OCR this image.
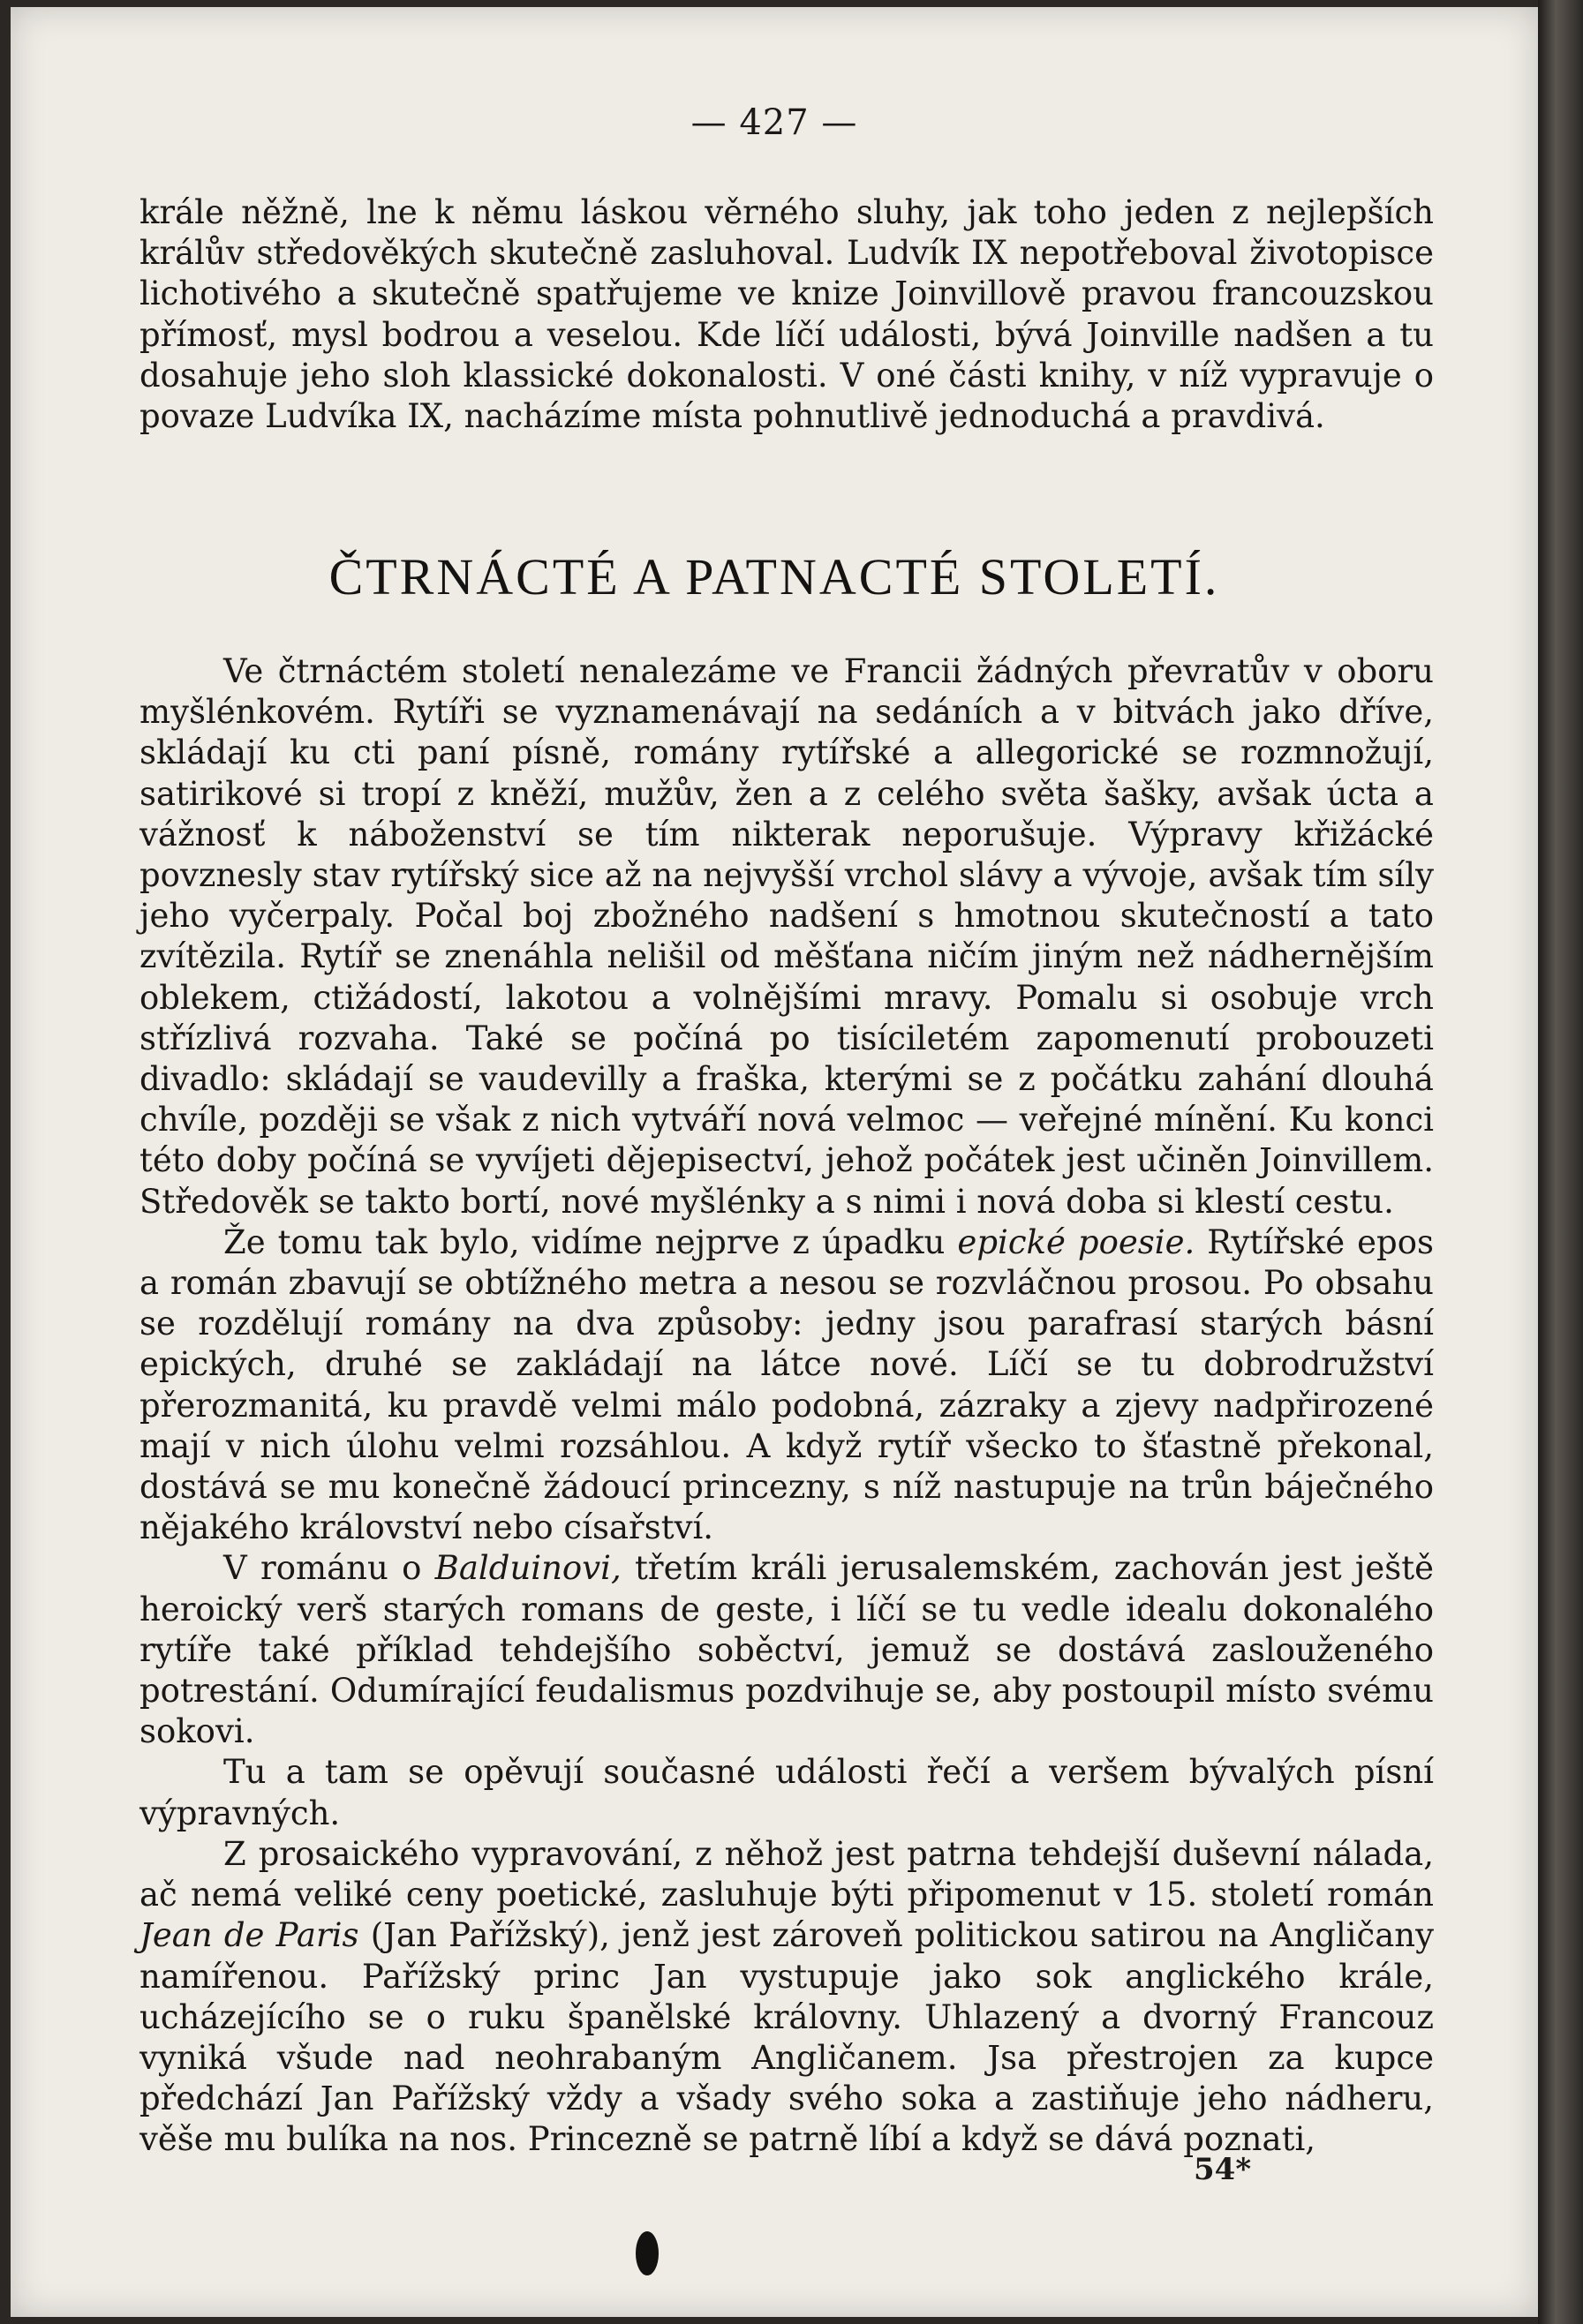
— 427 —

krále něžně, lne k němu láskou věrného sluhy, jak toho jeden z nejlepších králův středověkých skutečně zasluhoval. Ludvík IX nepotřeboval životopisce lichotivého a skutečně spatřujeme ve knize Joinvillově pravou francouzskou přímosť, mysl bodrou a veselou. Kde líčí události, bývá Joinville nadšen a tu dosahuje jeho sloh klassické dokonalosti. V oné části knihy, v níž vypravuje o povaze Ludvíka IX, nacházíme místa pohnutlivě jednoduchá a pravdivá.

ČTRNÁCTÉ A PATNACTÉ STOLETÍ.

Ve čtrnáctém století nenalezáme ve Francii žádných převratův v oboru myšlénkovém. Rytíři se vyznamenávají na sedáních a v bitvách jako dříve, skládají ku cti paní písně, romány rytířské a allegorické se rozmnožují, satirikové si tropí z kněží, mužův, žen a z celého světa šašky, avšak úcta a vážnosť k náboženství se tím nikterak neporušuje. Výpravy křižácké povznesly stav rytířský sice až na nejvyšší vrchol slávy a vývoje, avšak tím síly jeho vyčerpaly. Počal boj zbožného nadšení s hmotnou skutečností a tato zvítězila. Rytíř se znenáhla nelišil od měšťana ničím jiným než nádhernějším oblekem, ctižádostí, lakotou a volnějšími mravy. Pomalu si osobuje vrch střízlivá rozvaha. Také se počíná po tisíciletém zapomenutí probouzeti divadlo: skládají se vaudevilly a fraška, kterými se z počátku zahání dlouhá chvíle, později se však z nich vytváří nová velmoc — veřejné mínění. Ku konci této doby počíná se vyvíjeti dějepisectví, jehož počátek jest učiněn Joinvillem. Středověk se takto bortí, nové myšlénky a s nimi i nová doba si klestí cestu.

Že tomu tak bylo, vidíme nejprve z úpadku epické poesie. Rytířské epos a román zbavují se obtížného metra a nesou se rozvláčnou prosou. Po obsahu se rozdělují romány na dva způsoby: jedny jsou parafrasí starých básní epických, druhé se zakládají na látce nové. Líčí se tu dobrodružství přerozmanitá, ku pravdě velmi málo podobná, zázraky a zjevy nadpřirozené mají v nich úlohu velmi rozsáhlou. A když rytíř všecko to šťastně překonal, dostává se mu konečně žádoucí princezny, s níž nastupuje na trůn báječného nějakého království nebo císařství.

V románu o Balduinovi, třetím králi jerusalemském, zachován jest ještě heroický verš starých romans de geste, i líčí se tu vedle idealu dokonalého rytíře také příklad tehdejšího soběctví, jemuž se dostává zaslouženého potrestání. Odumírající feudalismus pozdvihuje se, aby postoupil místo svému sokovi.

Tu a tam se opěvují současné události řečí a veršem bývalých písní výpravných.

Z prosaického vypravování, z něhož jest patrna tehdejší duševní nálada, ač nemá veliké ceny poetické, zasluhuje býti připomenut v 15. století román Jean de Paris (Jan Pařížský), jenž jest zároveň politickou satirou na Angličany namířenou. Pařížský princ Jan vystupuje jako sok anglického krále, ucházejícího se o ruku španělské královny. Uhlazený a dvorný Francouz vyniká všude nad neohrabaným Angličanem. Jsa přestrojen za kupce předchází Jan Pařížský vždy a všady svého soka a zastiňuje jeho nádheru, věše mu bulíka na nos. Princezně se patrně líbí a když se dává poznati,

54*
